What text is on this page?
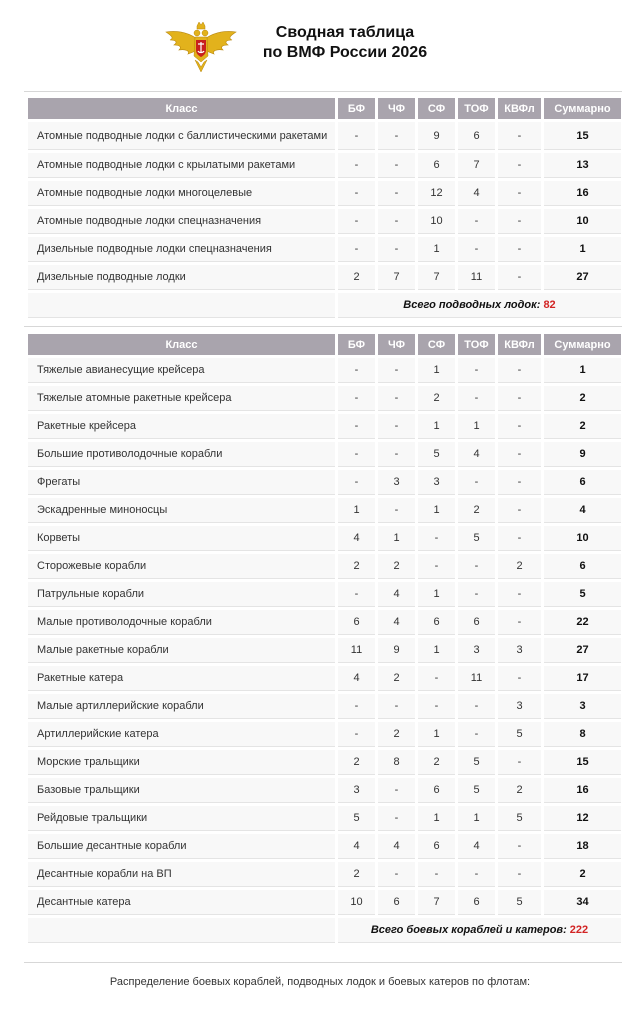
Сводная таблица
по ВМФ России 2026
Класс	БФ	ЧФ	СФ	ТОФ	КВФл	Суммарно
Атомные подводные лодки с баллистическими ракетами	-	-	9	6	-	15
Атомные подводные лодки с крылатыми ракетами	-	-	6	7	-	13
Атомные подводные лодки многоцелевые	-	-	12	4	-	16
Атомные подводные лодки спецназначения	-	-	10	-	-	10
Дизельные подводные лодки спецназначения	-	-	1	-	-	1
Дизельные подводные лодки	2	7	7	11	-	27
	Всего подводных лодок: 82					
Класс	БФ	ЧФ	СФ	ТОФ	КВФл	Суммарно
Тяжелые авианесущие крейсера	-	-	1	-	-	1
Тяжелые атомные ракетные крейсера	-	-	2	-	-	2
Ракетные крейсера	-	-	1	1	-	2
Большие противолодочные корабли	-	-	5	4	-	9
Фрегаты	-	3	3	-	-	6
Эскадренные миноносцы	1	-	1	2	-	4
Корветы	4	1	-	5	-	10
Сторожевые корабли	2	2	-	-	2	6
Патрульные корабли	-	4	1	-	-	5
Малые противолодочные корабли	6	4	6	6	-	22
Малые ракетные корабли	11	9	1	3	3	27
Ракетные катера	4	2	-	11	-	17
Малые артиллерийские корабли	-	-	-	-	3	3
Артиллерийские катера	-	2	1	-	5	8
Морские тральщики	2	8	2	5	-	15
Базовые тральщики	3	-	6	5	2	16
Рейдовые тральщики	5	-	1	1	5	12
Большие десантные корабли	4	4	6	4	-	18
Десантные корабли на ВП	2	-	-	-	-	2
Десантные катера	10	6	7	6	5	34
	Всего боевых кораблей и катеров: 222					
Распределение боевых кораблей, подводных лодок и боевых катеров по флотам:
